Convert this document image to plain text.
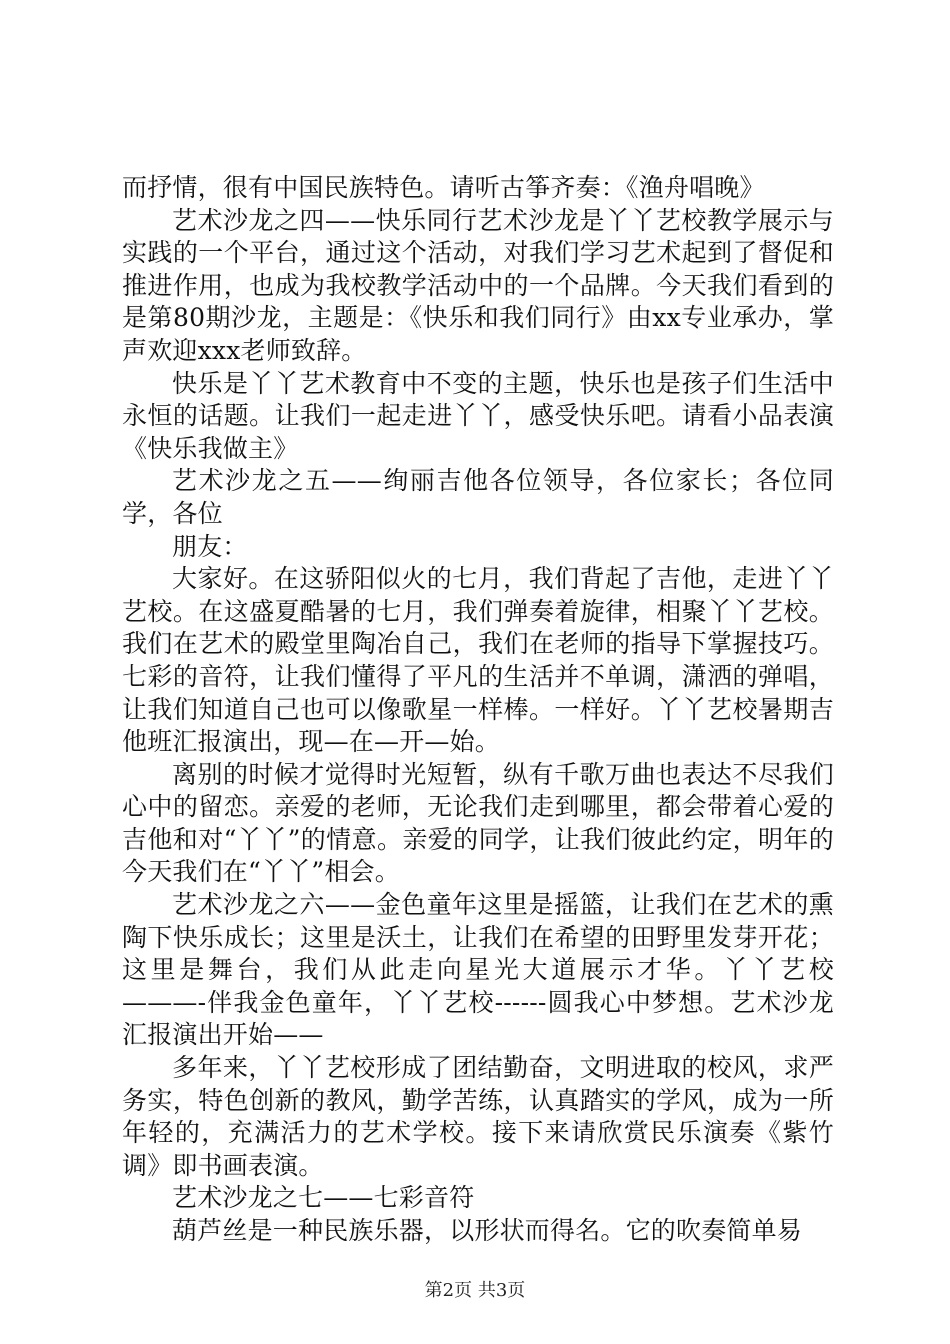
而抒情，很有中国民族特色。请听古筝齐奏：《渔舟唱晚》

艺术沙龙之四——快乐同行艺术沙龙是丫丫艺校教学展示与实践的一个平台，通过这个活动，对我们学习艺术起到了督促和推进作用，也成为我校教学活动中的一个品牌。今天我们看到的是第80期沙龙，主题是：《快乐和我们同行》由xx专业承办，掌声欢迎xxx老师致辞。

快乐是丫丫艺术教育中不变的主题，快乐也是孩子们生活中永恒的话题。让我们一起走进丫丫，感受快乐吧。请看小品表演《快乐我做主》

艺术沙龙之五——绚丽吉他各位领导，各位家长；各位同学，各位

朋友：

大家好。在这骄阳似火的七月，我们背起了吉他，走进丫丫艺校。在这盛夏酷暑的七月，我们弹奏着旋律，相聚丫丫艺校。我们在艺术的殿堂里陶冶自己，我们在老师的指导下掌握技巧。七彩的音符，让我们懂得了平凡的生活并不单调，潇洒的弹唱，让我们知道自己也可以像歌星一样棒。一样好。丫丫艺校暑期吉他班汇报演出，现—在—开—始。

离别的时候才觉得时光短暂，纵有千歌万曲也表达不尽我们心中的留恋。亲爱的老师，无论我们走到哪里，都会带着心爱的吉他和对“丫丫”的情意。亲爱的同学，让我们彼此约定，明年的今天我们在“丫丫”相会。

艺术沙龙之六——金色童年这里是摇篮，让我们在艺术的熏陶下快乐成长；这里是沃土，让我们在希望的田野里发芽开花；这里是舞台，我们从此走向星光大道展示才华。丫丫艺校———-伴我金色童年，丫丫艺校------圆我心中梦想。艺术沙龙汇报演出开始——

多年来，丫丫艺校形成了团结勤奋，文明进取的校风，求严务实，特色创新的教风，勤学苦练，认真踏实的学风，成为一所年轻的，充满活力的艺术学校。接下来请欣赏民乐演奏《紫竹调》即书画表演。

艺术沙龙之七——七彩音符

葫芦丝是一种民族乐器，以形状而得名。它的吹奏简单易

第2页 共3页
